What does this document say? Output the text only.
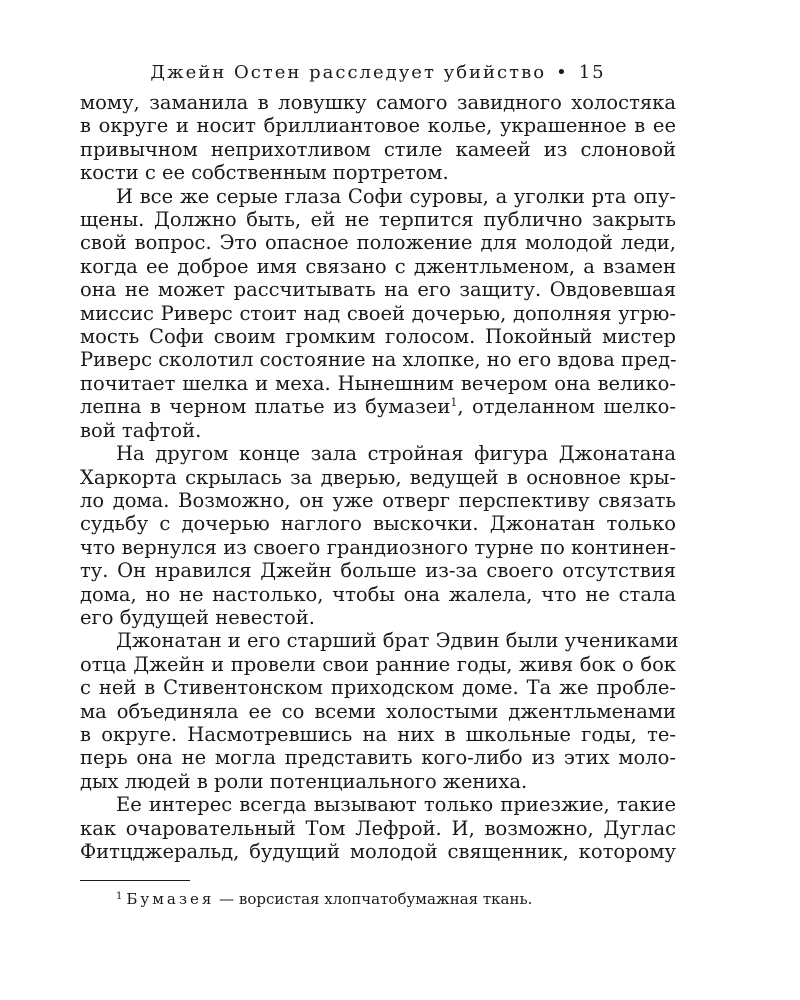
Джейн Остен расследует убийство • 15
мому, заманила в ловушку самого завидного холостяка
в округе и носит бриллиантовое колье, украшенное в ее
привычном неприхотливом стиле камеей из слоновой
кости с ее собственным портретом.
И все же серые глаза Софи суровы, а уголки рта опу-
щены. Должно быть, ей не терпится публично закрыть
свой вопрос. Это опасное положение для молодой леди,
когда ее доброе имя связано с джентльменом, а взамен
она не может рассчитывать на его защиту. Овдовевшая
миссис Риверс стоит над своей дочерью, дополняя угрю-
мость Софи своим громким голосом. Покойный мистер
Риверс сколотил состояние на хлопке, но его вдова пред-
почитает шелка и меха. Нынешним вечером она велико-
лепна в черном платье из бумазеи$^1$, отделанном шелко-
вой тафтой.
На другом конце зала стройная фигура Джонатана
Харкорта скрылась за дверью, ведущей в основное кры-
ло дома. Возможно, он уже отверг перспективу связать
судьбу с дочерью наглого выскочки. Джонатан только
что вернулся из своего грандиозного турне по континен-
ту. Он нравился Джейн больше из-за своего отсутствия
дома, но не настолько, чтобы она жалела, что не стала
его будущей невестой.
Джонатан и его старший брат Эдвин были учениками
отца Джейн и провели свои ранние годы, живя бок о бок
с ней в Стивентонском приходском доме. Та же пробле-
ма объединяла ее со всеми холостыми джентльменами
в округе. Насмотревшись на них в школьные годы, те-
перь она не могла представить кого-либо из этих моло-
дых людей в роли потенциального жениха.
Ее интерес всегда вызывают только приезжие, такие
как очаровательный Том Лефрой. И, возможно, Дуглас
Фитцджеральд, будущий молодой священник, которому
$^1$ Бумазея — ворсистая хлопчатобумажная ткань.
